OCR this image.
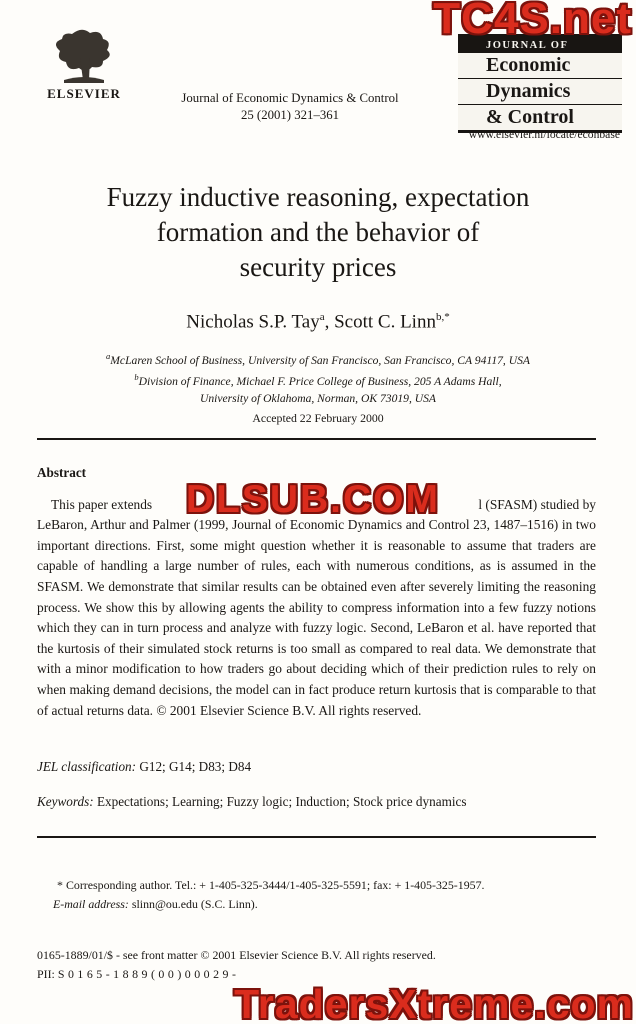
ELSEVIER	Journal of Economic Dynamics & Control
25 (2001) 321–361
JOURNAL OF
Economic
Dynamics
& Control
www.elsevier.nl/locate/econbase
TC4S.net
Fuzzy inductive reasoning, expectation
formation and the behavior of
security prices
Nicholas S.P. Tay$^a$, Scott C. Linn$^{b,*}$
$^a$McLaren School of Business, University of San Francisco, San Francisco, CA 94117, USA
$^b$Division of Finance, Michael F. Price College of Business, 205 A Adams Hall,
University of Oklahoma, Norman, OK 73019, USA
Accepted 22 February 2000
Abstract
This paper extends	l (SFASM) studied by

LeBaron, Arthur and Palmer (1999, Journal of Economic Dynamics and Control 23, 1487–1516) in two important directions. First, some might question whether it is reasonable to assume that traders are capable of handling a large number of rules, each with numerous conditions, as is assumed in the SFASM. We demonstrate that similar results can be obtained even after severely limiting the reasoning process. We show this by allowing agents the ability to compress information into a few fuzzy notions which they can in turn process and analyze with fuzzy logic. Second, LeBaron et al. have reported that the kurtosis of their simulated stock returns is too small as compared to real data. We demonstrate that with a minor modification to how traders go about deciding which of their prediction rules to rely on when making demand decisions, the model can in fact produce return kurtosis that is comparable to that of actual returns data. © 2001 Elsevier Science B.V. All rights reserved.

DLSUB.COM
JEL classification: G12; G14; D83; D84
Keywords: Expectations; Learning; Fuzzy logic; Induction; Stock price dynamics

* Corresponding author. Tel.: + 1-405-325-3444/1-405-325-5591; fax: + 1-405-325-1957.

E-mail address: slinn@ou.edu (S.C. Linn).

0165-1889/01/$ - see front matter © 2001 Elsevier Science B.V. All rights reserved.
PII: S0165-1889(00)00029-
TradersXtreme.com
